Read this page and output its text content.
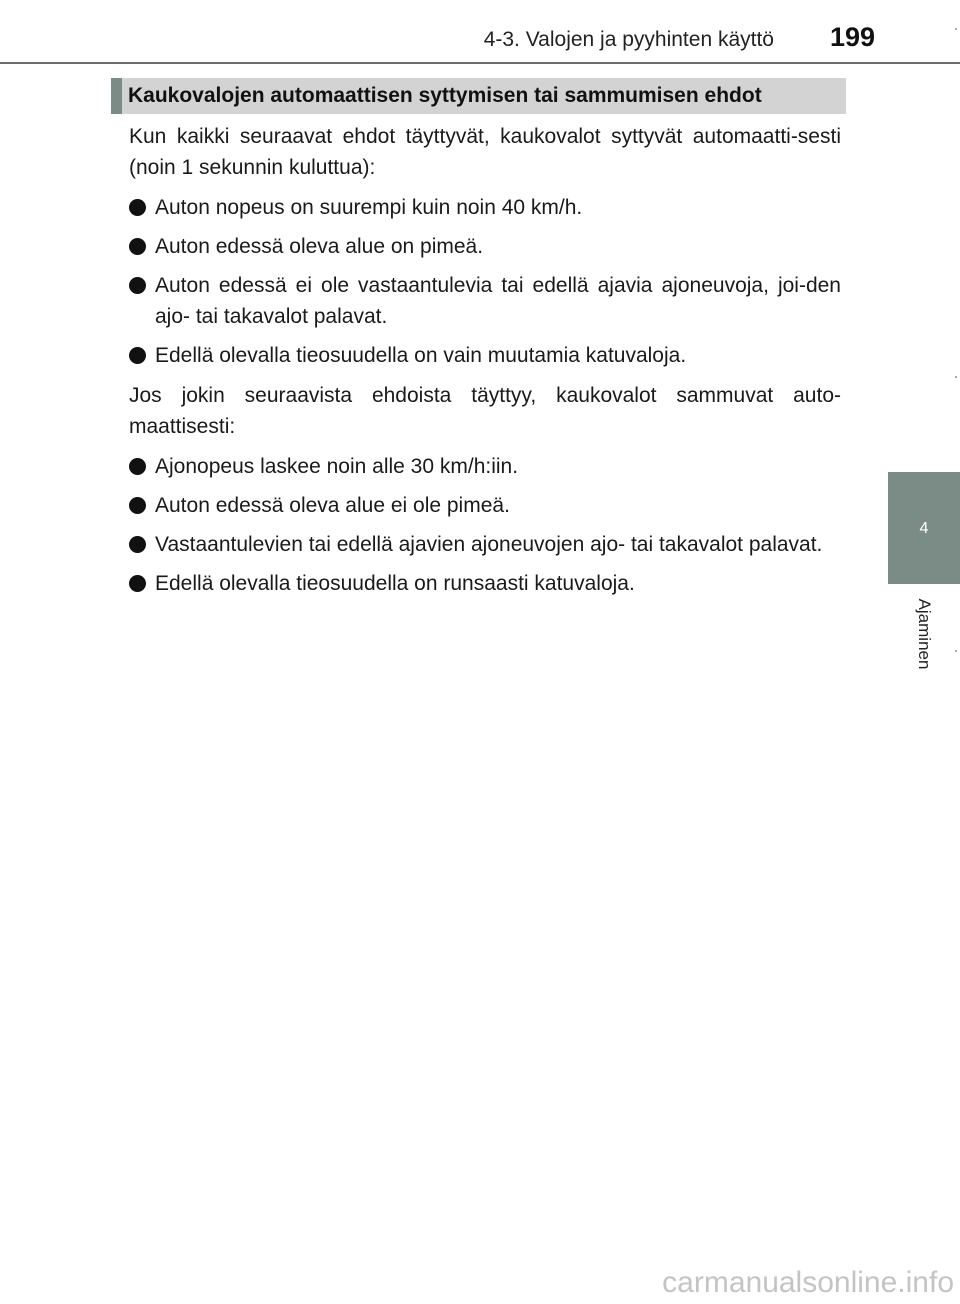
4-3. Valojen ja pyyhinten käyttö 199
4
Ajaminen
Kaukovalojen automaattisen syttymisen tai sammumisen ehdot

Kun kaikki seuraavat ehdot täyttyvät, kaukovalot syttyvät automaatti-sesti (noin 1 sekunnin kuluttua):

Auton nopeus on suurempi kuin noin 40 km/h.
Auton edessä oleva alue on pimeä.
Auton edessä ei ole vastaantulevia tai edellä ajavia ajoneuvoja, joi-den ajo- tai takavalot palavat.
Edellä olevalla tieosuudella on vain muutamia katuvaloja.

Jos jokin seuraavista ehdoista täyttyy, kaukovalot sammuvat auto-maattisesti:

Ajonopeus laskee noin alle 30 km/h:iin.
Auton edessä oleva alue ei ole pimeä.
Vastaantulevien tai edellä ajavien ajoneuvojen ajo- tai takavalot palavat.
Edellä olevalla tieosuudella on runsaasti katuvaloja.
carmanualsonline.info
